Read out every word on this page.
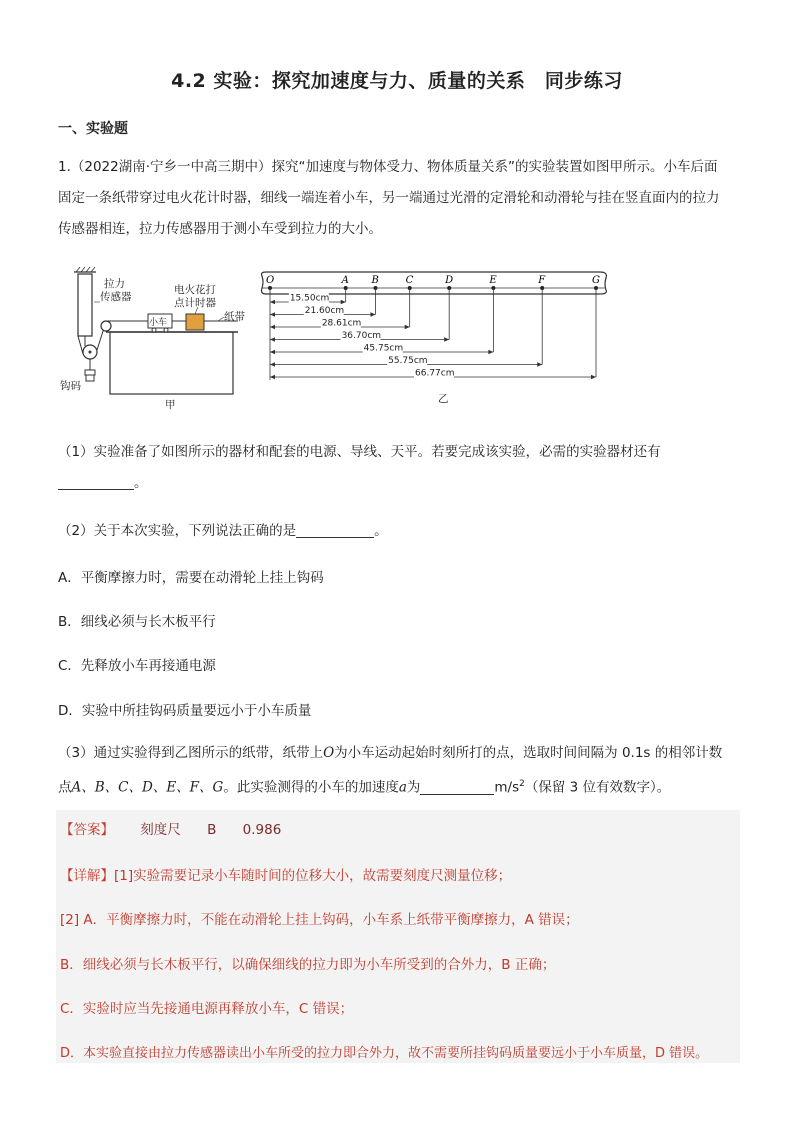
4.2 实验：探究加速度与力、质量的关系　同步练习
一、实验题
1.（2022湖南·宁乡一中高三期中）探究“加速度与物体受力、物体质量关系”的实验装置如图甲所示。小车后面
固定一条纸带穿过电火花计时器，细线一端连着小车，另一端通过光滑的定滑轮和动滑轮与挂在竖直面内的拉力
传感器相连，拉力传感器用于测小车受到拉力的大小。
拉力
传感器
电火花打
点计时器
小车	纸带
钩码
甲
O	A B	C	D	E	F	G
15.50cm
21.60cm
28.61cm
36.70cm
45.75cm
55.75cm
66.77cm
乙
（1）实验准备了如图所示的器材和配套的电源、导线、天平。若要完成该实验，必需的实验器材还有
。
（2）关于本次实验，下列说法正确的是	。
A．平衡摩擦力时，需要在动滑轮上挂上钩码
B．细线必须与长木板平行
C．先释放小车再接通电源
D．实验中所挂钩码质量要远小于小车质量
（3）通过实验得到乙图所示的纸带，纸带上O为小车运动起始时刻所打的点，选取时间间隔为 0.1s 的相邻计数
点A、B、C、D、E、F、G。此实验测得的小车的加速度a为	$m/s^2$（保留 3 位有效数字）。
【答案】 刻度尺 B 0.986
【详解】[1]实验需要记录小车随时间的位移大小，故需要刻度尺测量位移；
[2] A．平衡摩擦力时，不能在动滑轮上挂上钩码，小车系上纸带平衡摩擦力，A 错误；
B．细线必须与长木板平行，以确保细线的拉力即为小车所受到的合外力，B 正确；
C．实验时应当先接通电源再释放小车，C 错误；
D．本实验直接由拉力传感器读出小车所受的拉力即合外力，故不需要所挂钩码质量要远小于小车质量，D 错误。
